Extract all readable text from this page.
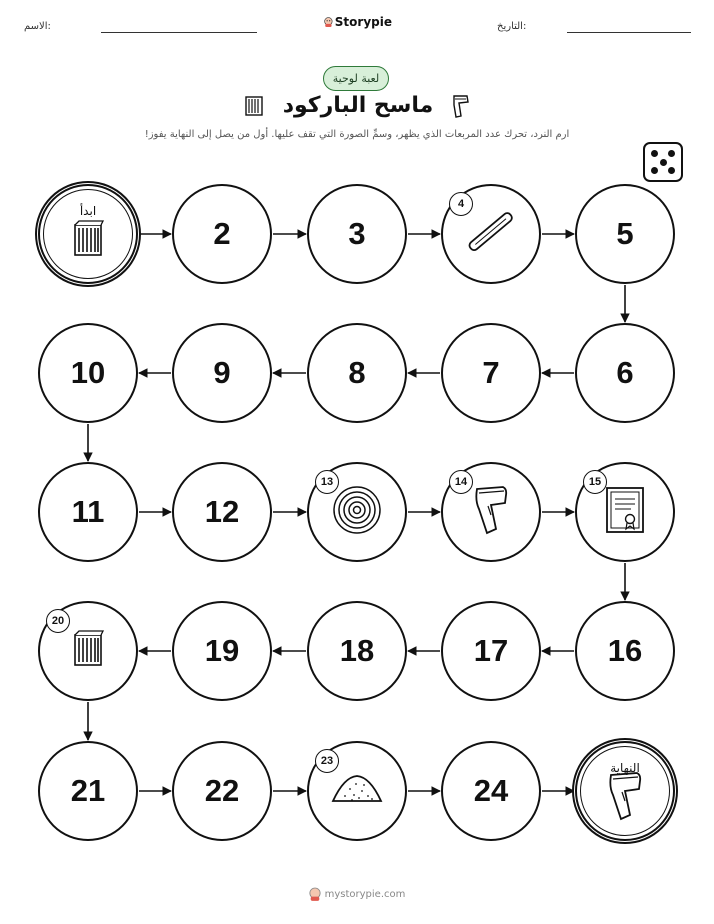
الاسم:	Storypie	التاريخ:
لعبة لوحية
ماسح الباركود
ارم النرد، تحرك عدد المربعات الذي يظهر، وسمِّ الصورة التي تقف عليها. أول من يصل إلى النهاية يفوز!
ابدأ
2	3
4
5
6
7
8
9
10
11	12
13	14	15
16
17
18
19
20
21	22
23
24
النهاية
mystorypie.com
